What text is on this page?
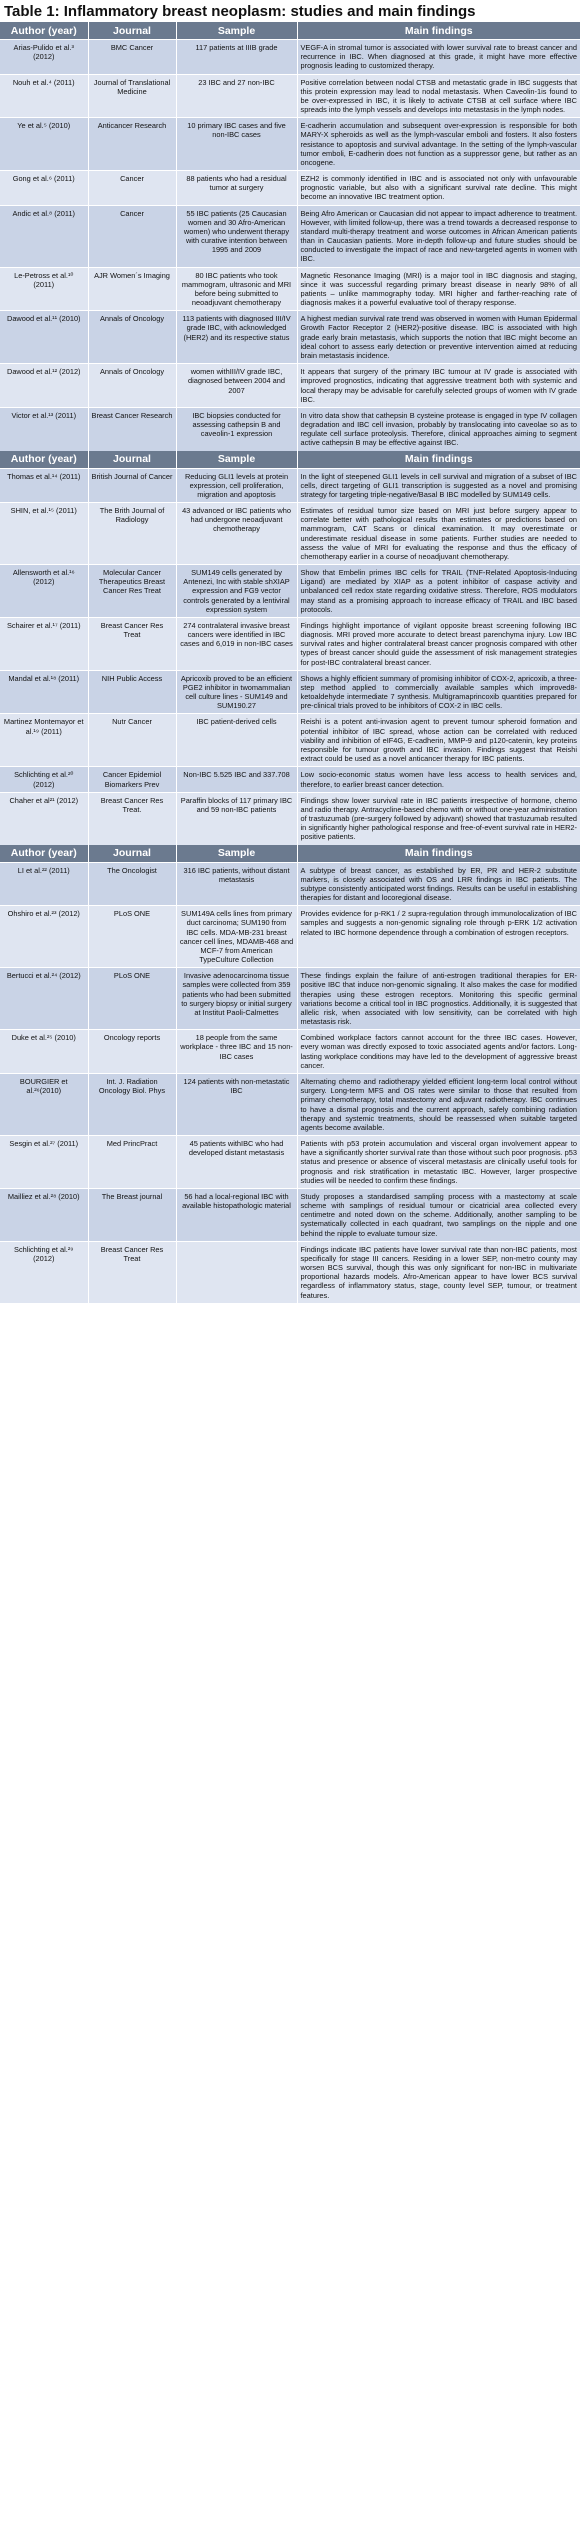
Table 1: Inflammatory breast neoplasm: studies and main findings
Author (year)	Journal	Sample	Main findings
Arias-Pulido et al.³ (2012)	BMC Cancer	117 patients at IIIB grade	VEGF-A in stromal tumor is associated with lower survival rate to breast cancer and recurrence in IBC. When diagnosed at this grade, it might have more effective prognosis leading to customized therapy.
Nouh et al.⁴ (2011)	Journal of Translational Medicine	23 IBC and 27 non-IBC	Positive correlation between nodal CTSB and metastatic grade in IBC suggests that this protein expression may lead to nodal metastasis. When Caveolin-1is found to be over-expressed in IBC, it is likely to activate CTSB at cell surface where IBC spreads into the lymph vessels and develops into metastasis in the lymph nodes.
Ye et al.⁵ (2010)	Anticancer Research	10 primary IBC cases and five non-IBC cases	E-cadherin accumulation and subsequent over-expression is responsible for both MARY-X spheroids as well as the lymph-vascular emboli and fosters. It also fosters resistance to apoptosis and survival advantage. In the setting of the lymph-vascular tumor emboli, E-cadherin does not function as a suppressor gene, but rather as an oncogene.
Gong et al.⁶ (2011)	Cancer	88 patients who had a residual tumor at surgery	EZH2 is commonly identified in IBC and is associated not only with unfavourable prognostic variable, but also with a significant survival rate decline. This might become an innovative IBC treatment option.
Andic et al.⁸ (2011)	Cancer	55 IBC patients (25 Caucasian women and 30 Afro-American women) who underwent therapy with curative intention between 1995 and 2009	Being Afro American or Caucasian did not appear to impact adherence to treatment. However, with limited follow-up, there was a trend towards a decreased response to standard multi-therapy treatment and worse outcomes in African American patients than in Caucasian patients. More in-depth follow-up and future studies should be conducted to investigate the impact of race and new-targeted agents in women with IBC.
Le-Petross et al.¹⁰ (2011)	AJR Women´s Imaging	80 IBC patients who took mammogram, ultrasonic and MRI before being submitted to neoadjuvant chemotherapy	Magnetic Resonance Imaging (MRI) is a major tool in IBC diagnosis and staging, since it was successful regarding primary breast disease in nearly 98% of all patients – unlike mammography today. MRI higher and farther-reaching rate of diagnosis makes it a powerful evaluative tool of therapy response.
Dawood et al.¹¹ (2010)	Annals of Oncology	113 patients with diagnosed III/IV grade IBC, with acknowledged (HER2) and its respective status	A highest median survival rate trend was observed in women with Human Epidermal Growth Factor Receptor 2 (HER2)-positive disease. IBC is associated with high grade early brain metastasis, which supports the notion that IBC might become an ideal cohort to assess early detection or preventive intervention aimed at reducing brain metastasis incidence.
Dawood et al.¹² (2012)	Annals of Oncology	women withIII/IV grade IBC, diagnosed between 2004 and 2007	It appears that surgery of the primary IBC tumour at IV grade is associated with improved prognostics, indicating that aggressive treatment both with systemic and local therapy may be advisable for carefully selected groups of women with IV grade IBC.
Victor et al.¹³ (2011)	Breast Cancer Research	IBC biopsies conducted for assessing cathepsin B and caveolin-1 expression	In vitro data show that cathepsin B cysteine protease is engaged in type IV collagen degradation and IBC cell invasion, probably by translocating into caveolae so as to regulate cell surface proteolysis. Therefore, clinical approaches aiming to segment active cathepsin B may be effective against IBC.
Author (year)	Journal	Sample	Main findings
Thomas et al.¹⁴ (2011)	British Journal of Cancer	Reducing GLI1 levels at protein expression, cell proliferation, migration and apoptosis	In the light of steepened GLI1 levels in cell survival and migration of a subset of IBC cells, direct targeting of GLI1 transcription is suggested as a novel and promising strategy for targeting triple-negative/Basal B IBC modelled by SUM149 cells.
SHIN, et al.¹⁵ (2011)	The Brith Journal of Radiology	43 advanced or IBC patients who had undergone neoadjuvant chemotherapy	Estimates of residual tumor size based on MRI just before surgery appear to correlate better with pathological results than estimates or predictions based on mammogram, CAT Scans or clinical examination. It may overestimate or underestimate residual disease in some patients. Further studies are needed to assess the value of MRI for evaluating the response and thus the efficacy of chemotherapy earlier in a course of neoadjuvant chemotherapy.
Allensworth et al.¹⁶ (2012)	Molecular Cancer Therapeutics Breast Cancer Res Treat	SUM149 cells generated by Antenezi, Inc with stable shXIAP expression and FG9 vector controls generated by a lentiviral expression system	Show that Embelin primes IBC cells for TRAIL (TNF-Related Apoptosis-Inducing Ligand) are mediated by XIAP as a potent inhibitor of caspase activity and unbalanced cell redox state regarding oxidative stress. Therefore, ROS modulators may stand as a promising approach to increase efficacy of TRAIL and IBC based protocols.
Schairer et al.¹⁷ (2011)	Breast Cancer Res Treat	274 contralateral invasive breast cancers were identified in IBC cases and 6,019 in non-IBC cases	Findings highlight importance of vigilant opposite breast screening following IBC diagnosis. MRI proved more accurate to detect breast parenchyma injury. Low IBC survival rates and higher contralateral breast cancer prognosis compared with other types of breast cancer should guide the assessment of risk management strategies for post-IBC contralateral breast cancer.
Mandal et al.¹⁸ (2011)	NIH Public Access	Apricoxib proved to be an efficient PGE2 inhibitor in twomammalian cell culture lines - SUM149 and SUM190.27	Shows a highly efficient summary of promising inhibitor of COX-2, apricoxib, a three-step method applied to commercially available samples which improved8-ketoaldehyde intermediate 7 synthesis. Multigramaprincoxib quantities prepared for pre-clinical trials proved to be inhibitors of COX-2 in IBC cells.
Martinez Montemayor et al.¹⁹ (2011)	Nutr Cancer	IBC patient-derived cells	Reishi is a potent anti-invasion agent to prevent tumour spheroid formation and potential inhibitor of IBC spread, whose action can be correlated with reduced viability and inhibition of eIF4G, E-cadherin, MMP-9 and p120-catenin, key proteins responsible for tumour growth and IBC invasion. Findings suggest that Reishi extract could be used as a novel anticancer therapy for IBC patients.
Schlichting et al.²⁰ (2012)	Cancer Epidemiol Biomarkers Prev	Non-IBC 5.525 IBC and 337.708	Low socio-economic status women have less access to health services and, therefore, to earlier breast cancer detection.
Chaher et al²¹ (2012)	Breast Cancer Res Treat.	Paraffin blocks of 117 primary IBC and 59 non-IBC patients	Findings show lower survival rate in IBC patients irrespective of hormone, chemo and radio therapy. Antracycline-based chemo with or without one-year administration of trastuzumab (pre-surgery followed by adjuvant) showed that trastuzumab resulted in significantly higher pathological response and free-of-event survival rate in HER2-positive patients.
Author (year)	Journal	Sample	Main findings
LI et al.²² (2011)	The Oncologist	316 IBC patients, without distant metastasis	A subtype of breast cancer, as established by ER, PR and HER-2 substitute markers, is closely associated with OS and LRR findings in IBC patients. The subtype consistently anticipated worst findings. Results can be useful in establishing therapies for distant and locoregional disease.
Ohshiro et al.²³ (2012)	PLoS ONE	SUM149A cells lines from primary duct carcinoma; SUM190 from IBC cells. MDA-MB-231 breast cancer cell lines, MDAMB-468 and MCF-7 from American TypeCulture Collection	Provides evidence for p-RK1 / 2 supra-regulation through immunolocalization of IBC samples and suggests a non-genomic signaling role through p-ERK 1/2 activation related to IBC hormone dependence through a combination of estrogen receptors.
Bertucci et al.²⁴ (2012)	PLoS ONE	Invasive adenocarcinoma tissue samples were collected from 359 patients who had been submitted to surgery biopsy or initial surgery at Institut Paoli-Calmettes	These findings explain the failure of anti-estrogen traditional therapies for ER-positive IBC that induce non-genomic signaling. It also makes the case for modified therapies using these estrogen receptors. Monitoring this specific germinal variations become a critical tool in IBC prognostics. Additionally, it is suggested that allelic risk, when associated with low sensitivity, can be correlated with high metastasis risk.
Duke et al.²⁵ (2010)	Oncology reports	18 people from the same workplace - three IBC and 15 non-IBC cases	Combined workplace factors cannot account for the three IBC cases. However, every woman was directly exposed to toxic associated agents and/or factors. Long-lasting workplace conditions may have led to the development of aggressive breast cancer.
BOURGIER et al.²⁶(2010)	Int. J. Radiation Oncology Biol. Phys	124 patients with non-metastatic IBC	Alternating chemo and radiotherapy yielded efficient long-term local control without surgery. Long-term MFS and OS rates were similar to those that resulted from primary chemotherapy, total mastectomy and adjuvant radiotherapy. IBC continues to have a dismal prognosis and the current approach, safely combining radiation therapy and systemic treatments, should be reassessed when suitable targeted agents become available.
Sesgin et al.²⁷ (2011)	Med PrincPract	45 patients withIBC who had developed distant metastasis	Patients with p53 protein accumulation and visceral organ involvement appear to have a significantly shorter survival rate than those without such poor prognosis. p53 status and presence or absence of visceral metastasis are clinically useful tools for prognosis and risk stratification in metastatic IBC. However, larger prospective studies will be needed to confirm these findings.
Mailliez et al.²⁸ (2010)	The Breast journal	56 had a local-regional IBC with available histopathologic material	Study proposes a standardised sampling process with a mastectomy at scale scheme with samplings of residual tumour or cicatricial area collected every centimetre and noted down on the scheme. Additionally, another sampling to be systematically collected in each quadrant, two samplings on the nipple and one behind the nipple to evaluate tumour size.
Schlichting et al.²⁹ (2012)	Breast Cancer Res Treat		Findings indicate IBC patients have lower survival rate than non-IBC patients, most specifically for stage III cancers. Residing in a lower SEP, non-metro county may worsen BCS survival, though this was only significant for non-IBC in multivariate proportional hazards models. Afro-American appear to have lower BCS survival regardless of inflammatory status, stage, county level SEP, tumour, or treatment features.
